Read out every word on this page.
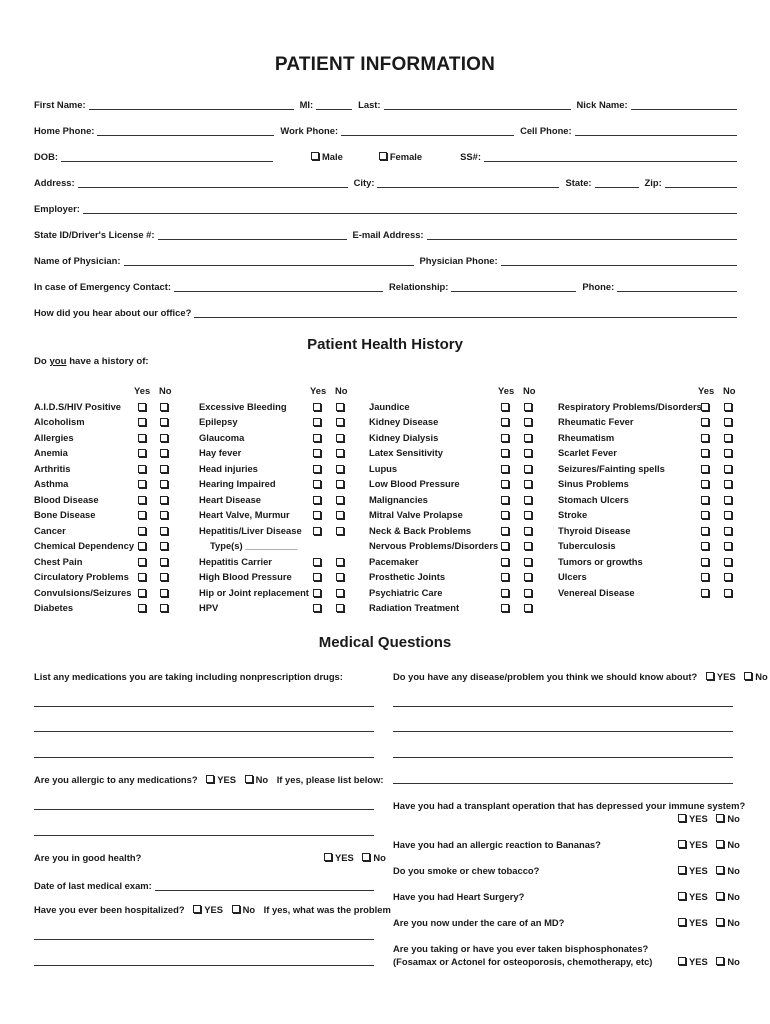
PATIENT INFORMATION
First Name:	MI:	Last:	Nick Name:
Home Phone:	Work Phone:	Cell Phone:
DOB:	Male	Female	SS#:
Address:	City:	State:	Zip:
Employer:
State ID/Driver's License #:	E-mail Address:
Name of Physician:	Physician Phone:
In case of Emergency Contact:	Relationship:	Phone:
How did you hear about our office?
Patient Health History
Do you have a history of:
Yes No
A.I.D.S/HIV Positive
Alcoholism
Allergies
Anemia
Arthritis
Asthma
Blood Disease
Bone Disease
Cancer
Chemical Dependency
Chest Pain
Circulatory Problems
Convulsions/Seizures
Diabetes
Yes No
Excessive Bleeding
Epilepsy
Glaucoma
Hay fever
Head injuries
Hearing Impaired
Heart Disease
Heart Valve, Murmur
Hepatitis/Liver Disease
Type(s) __________
Hepatitis Carrier
High Blood Pressure
Hip or Joint replacement
HPV
Yes No
Jaundice
Kidney Disease
Kidney Dialysis
Latex Sensitivity
Lupus
Low Blood Pressure
Malignancies
Mitral Valve Prolapse
Neck & Back Problems
Nervous Problems/Disorders
Pacemaker
Prosthetic Joints
Psychiatric Care
Radiation Treatment
Yes No
Respiratory Problems/Disorders
Rheumatic Fever
Rheumatism
Scarlet Fever
Seizures/Fainting spells
Sinus Problems
Stomach Ulcers
Stroke
Thyroid Disease
Tuberculosis
Tumors or growths
Ulcers
Venereal Disease
Medical Questions
List any medications you are taking including nonprescription drugs:
Are you allergic to any medications? YES No If yes, please list below:
Are you in good health?	YES No
Date of last medical exam:
Have you ever been hospitalized? YES No If yes, what was the problem
Do you have any disease/problem you think we should know about? YES No
Have you had a transplant operation that has depressed your immune system?
YES No
Have you had an allergic reaction to Bananas?	YES No
Do you smoke or chew tobacco?	YES No
Have you had Heart Surgery?	YES No
Are you now under the care of an MD?	YES No
Are you taking or have you ever taken bisphosphonates?
(Fosamax or Actonel for osteoporosis, chemotherapy, etc)	YES No
